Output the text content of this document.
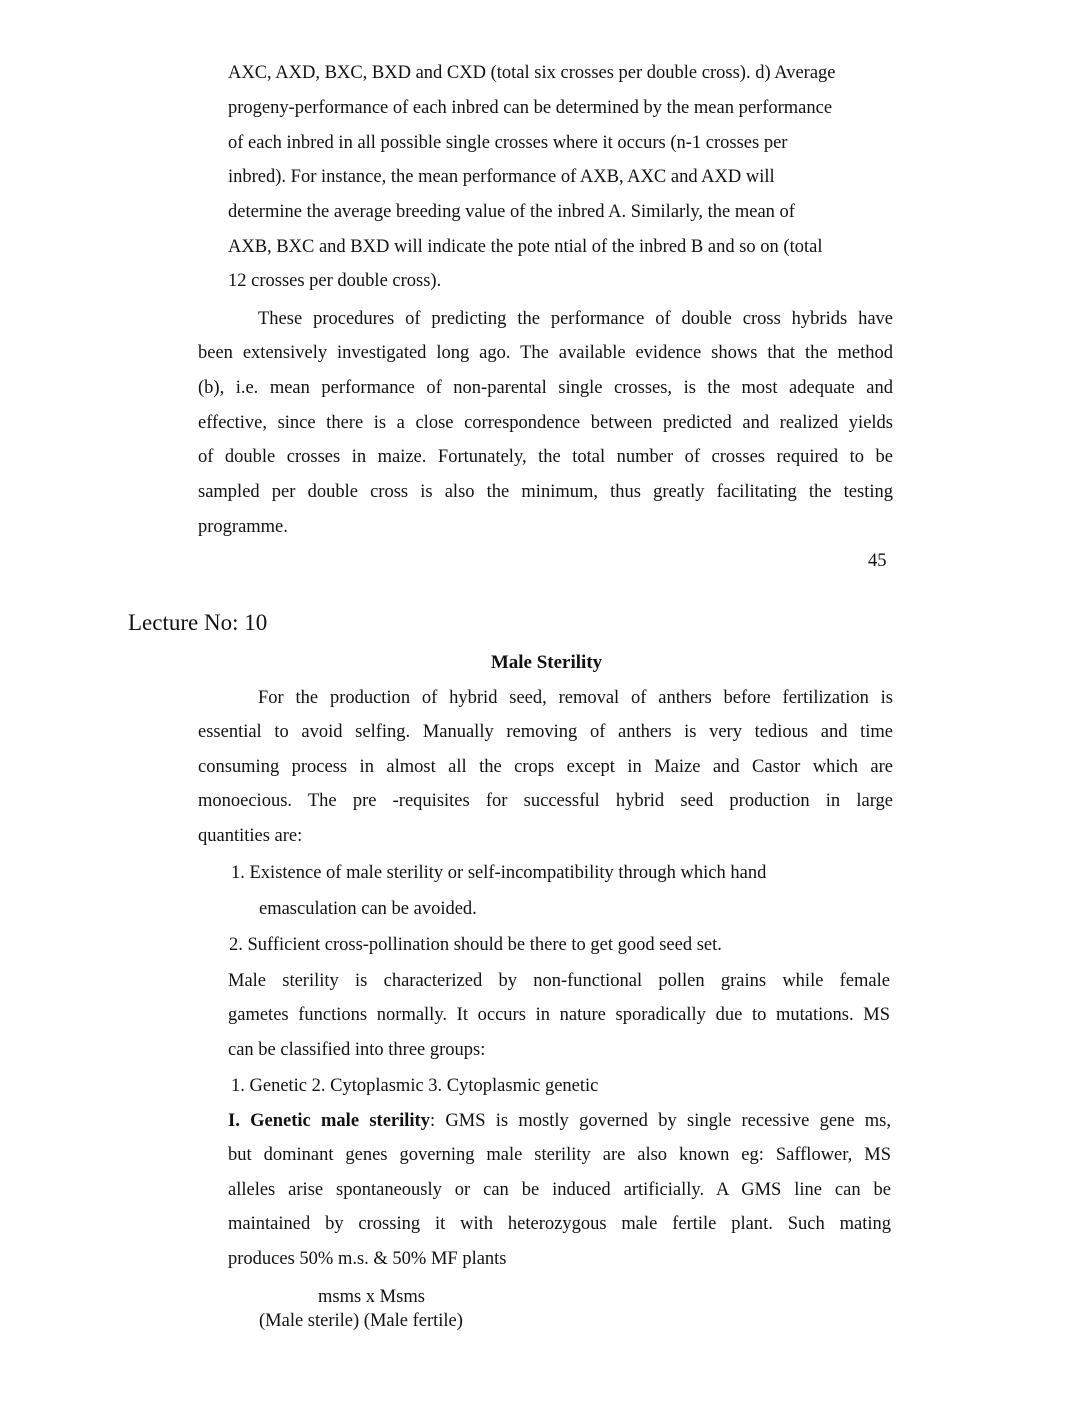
AXC, AXD, BXC, BXD and CXD (total six crosses per double cross). d) Average
progeny-performance of each inbred can be determined by the mean performance
of each inbred in all possible single crosses where it occurs (n-1 crosses per
inbred). For instance, the mean performance of AXB, AXC and AXD will
determine the average breeding value of the inbred A. Similarly, the mean of
AXB, BXC and BXD will indicate the pote ntial of the inbred B and so on (total
12 crosses per double cross).
These procedures of predicting the performance of double cross hybrids have
been extensively investigated long ago. The available evidence shows that the method
(b), i.e. mean performance of non-parental single crosses, is the most adequate and
effective, since there is a close correspondence between predicted and realized yields
of double crosses in maize. Fortunately, the total number of crosses required to be
sampled per double cross is also the minimum, thus greatly facilitating the testing
programme.
45
Lecture No: 10
Male Sterility
For the production of hybrid seed, removal of anthers before fertilization is
essential to avoid selfing. Manually removing of anthers is very tedious and time
consuming process in almost all the crops except in Maize and Castor which are
monoecious. The pre -requisites for successful hybrid seed production in large
quantities are:
1. Existence of male sterility or self-incompatibility through which hand
emasculation can be avoided.
2. Sufficient cross-pollination should be there to get good seed set.
Male sterility is characterized by non-functional pollen grains while female
gametes functions normally. It occurs in nature sporadically due to mutations. MS
can be classified into three groups:
1. Genetic 2. Cytoplasmic 3. Cytoplasmic genetic
I. Genetic male sterility: GMS is mostly governed by single recessive gene ms,
but dominant genes governing male sterility are also known eg: Safflower, MS
alleles arise spontaneously or can be induced artificially. A GMS line can be
maintained by crossing it with heterozygous male fertile plant. Such mating
produces 50% m.s. & 50% MF plants
msms x Msms
(Male sterile) (Male fertile)
